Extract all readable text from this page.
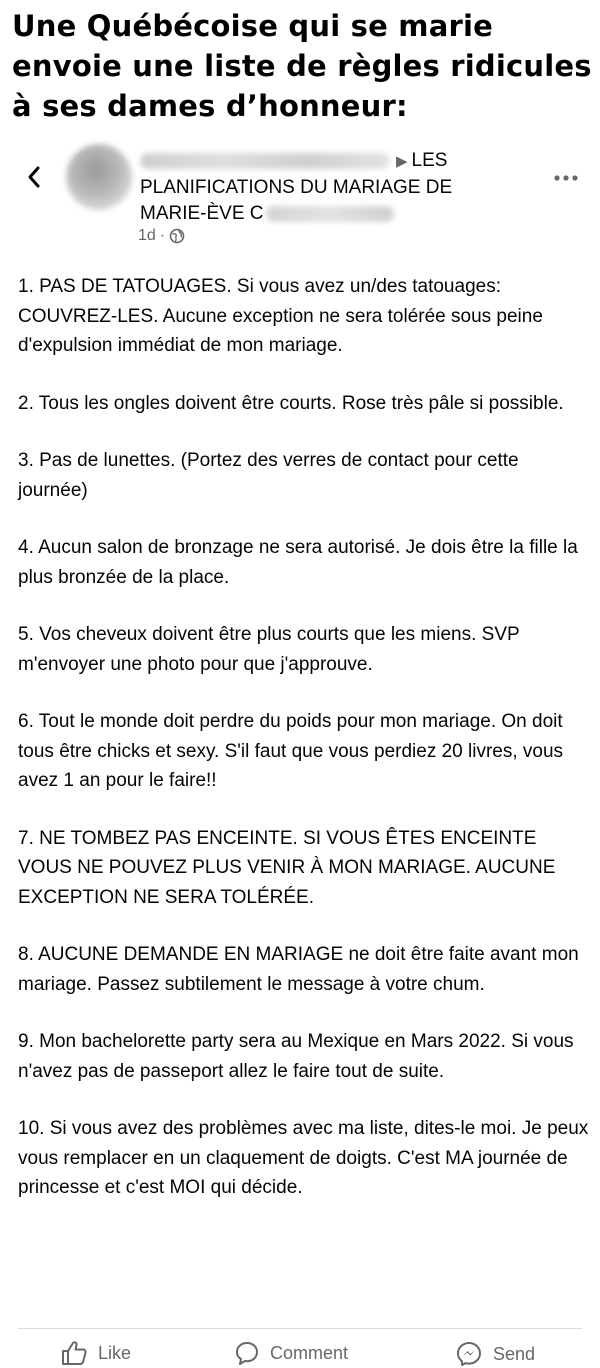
Une Québécoise qui se marie envoie une liste de règles ridicules à ses dames d’honneur:
▶ LES
PLANIFICATIONS DU MARIAGE DE
MARIE-ÈVE C
1d ·

1. PAS DE TATOUAGES. Si vous avez un/des tatouages: COUVREZ-LES. Aucune exception ne sera tolérée sous peine d'expulsion immédiat de mon mariage.

2. Tous les ongles doivent être courts. Rose très pâle si possible.

3. Pas de lunettes. (Portez des verres de contact pour cette journée)

4. Aucun salon de bronzage ne sera autorisé. Je dois être la fille la plus bronzée de la place.

5. Vos cheveux doivent être plus courts que les miens. SVP m'envoyer une photo pour que j'approuve.

6. Tout le monde doit perdre du poids pour mon mariage. On doit tous être chicks et sexy. S'il faut que vous perdiez 20 livres, vous avez 1 an pour le faire!!

7. NE TOMBEZ PAS ENCEINTE. SI VOUS ÊTES ENCEINTE VOUS NE POUVEZ PLUS VENIR À MON MARIAGE. AUCUNE EXCEPTION NE SERA TOLÉRÉE.

8. AUCUNE DEMANDE EN MARIAGE ne doit être faite avant mon mariage. Passez subtilement le message à votre chum.

9. Mon bachelorette party sera au Mexique en Mars 2022. Si vous n'avez pas de passeport allez le faire tout de suite.

10. Si vous avez des problèmes avec ma liste, dites-le moi. Je peux vous remplacer en un claquement de doigts. C'est MA journée de princesse et c'est MOI qui décide.

Like	Comment	Send
